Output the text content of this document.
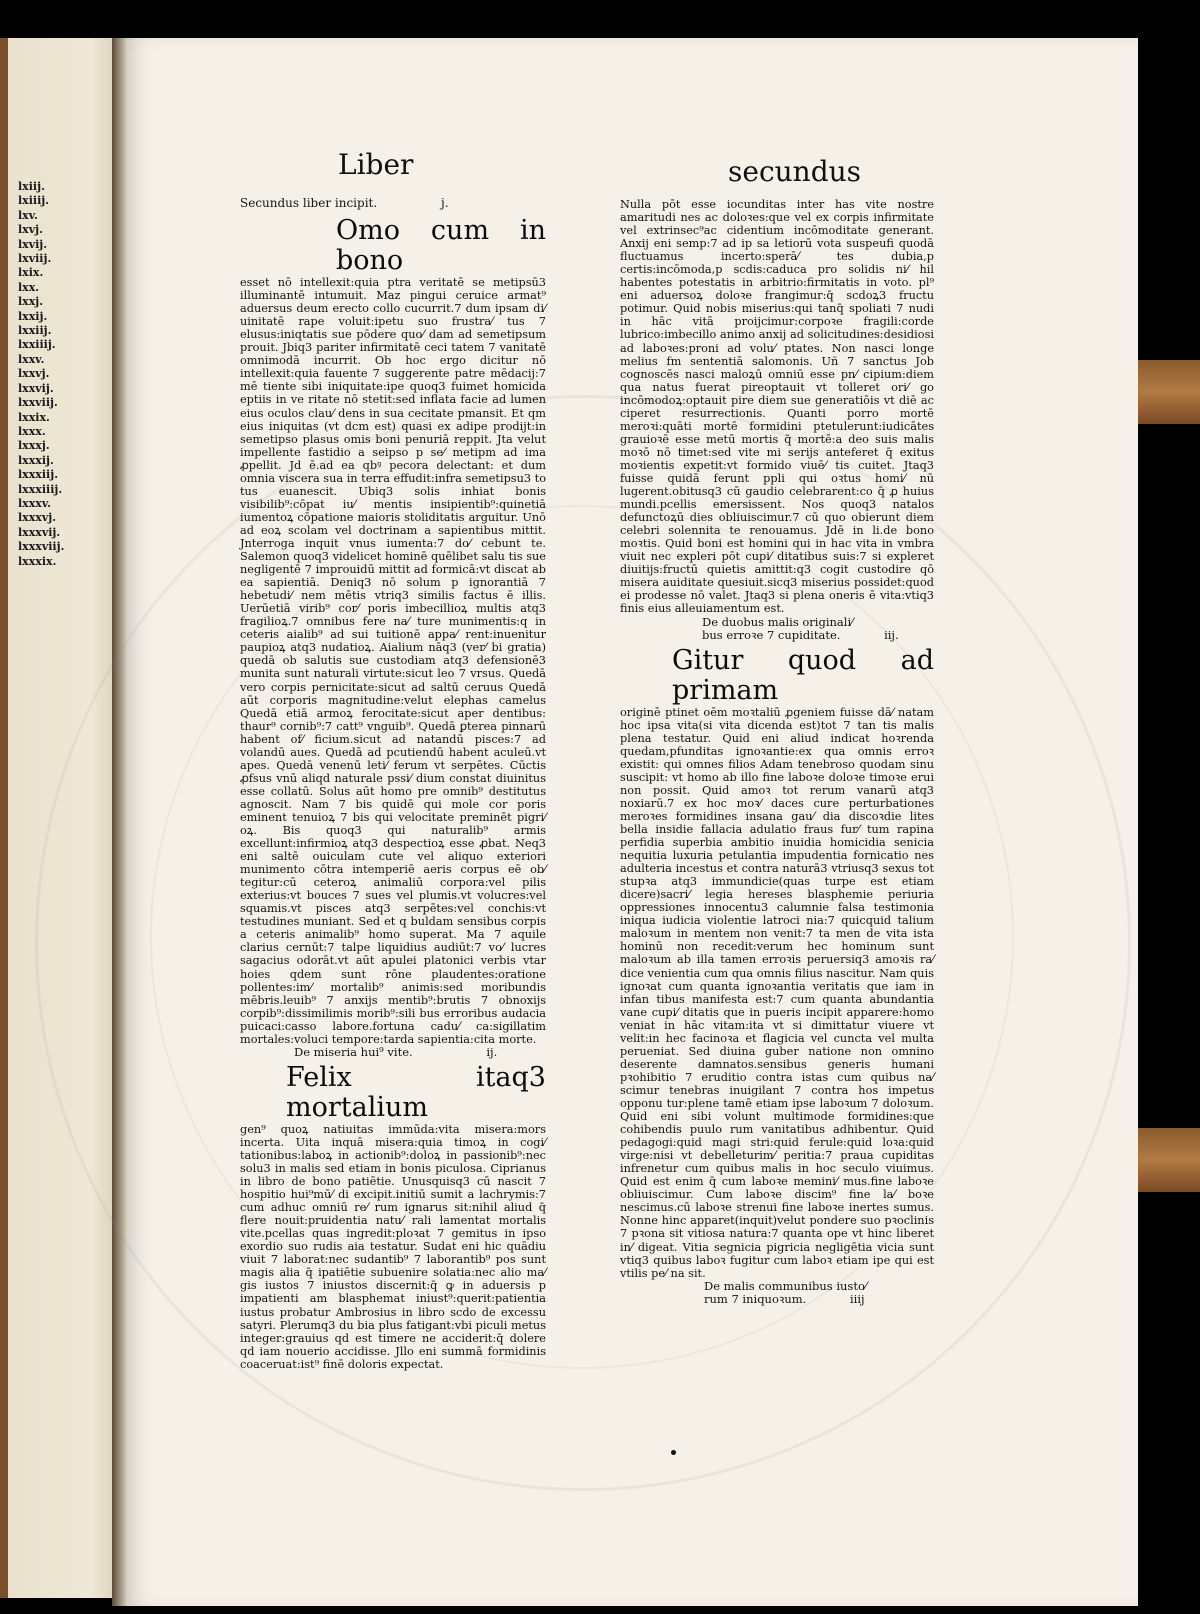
lxiij.
lxiiij.
lxv.
lxvj.
lxvij.
lxviij.
lxix.
lxx.
lxxj.
lxxij.
lxxiij.
lxxiiij.
lxxv.
lxxvj.
lxxvij.
lxxviij.
lxxix.
lxxx.
lxxxj.
lxxxij.
lxxxiij.
lxxxiiij.
lxxxv.
lxxxvj.
lxxxvij.
lxxxviij.
lxxxix.
Liber	secundus

Secundus liber incipit.	j.

Omo cum in bono

esset nō intellexit:quia ptra veritatē se metipsū3 illuminantē intumuit. Maz pingui ceruice armat⁹ aduersus deum erecto collo cucurrit.7 dum ipsam di⁄ uinitatē rape voluit:ipetu suo frustra⁄ tus 7 elusus:iniqtatis sue pōdere quo⁄ dam ad semetipsum prouit. Jbiq3 pariter infirmitatē ceci tatem 7 vanitatē omnimodā incurrit. Ob hoc ergo dicitur nō intellexit:quia fauente 7 suggerente patre mēdacij:7 mē tiente sibi iniquitate:ipe quoq3 fuimet homicida eptiis in ve ritate nō stetit:sed inflata facie ad lumen eius oculos clau⁄ dens in sua cecitate pmansit. Et qm eius iniquitas (vt dcm est) quasi ex adipe prodijt:in semetipso plasus omis boni penuriā reppit. Jta velut impellente fastidio a seipso p se⁄ metipm ad ima ꝓpellit. Jd ē.ad ea qbꝰ pecora delectant: et dum omnia viscera sua in terra effudit:infra semetipsu3 to tus euanescit. Ubiq3 solis inhiat bonis visibilib⁹:cōpat iu⁄ mentis insipientib⁹:quinetiā iumentoꝝ cōpatione maioris stoliditatis arguitur. Unō ad eoꝝ scolam vel doctrinam a sapientibus mittit. Jnterroga inquit vnus iumenta:7 do⁄ cebunt te. Salemon quoq3 videlicet hominē quēlibet salu tis sue negligentē 7 improuidū mittit ad formicā:vt discat ab ea sapientiā. Deniq3 nō solum p ignorantiā 7 hebetudi⁄ nem mētis vtriq3 similis factus ē illis. Uerūetiā virib⁹ cor⁄ poris imbecillioꝝ multis atq3 fragilioꝝ.7 omnibus fere na⁄ ture munimentis:q in ceteris aialib⁹ ad sui tuitionē appa⁄ rent:inuenitur paupioꝝ atq3 nudatioꝝ. Aialium nāq3 (ver⁄ bi gratia) quedā ob salutis sue custodiam atq3 defensionē3 munita sunt naturali virtute:sicut leo 7 vrsus. Quedā vero corpis pernicitate:sicut ad saltū ceruus Quedā aūt corporis magnitudine:velut elephas camelus Quedā etiā armoꝝ ferocitate:sicut aper dentibus: thaur⁹ cornib⁹:7 catt⁹ vnguib⁹. Quedā ꝑterea pinnarū habent of⁄ ficium.sicut ad natandū pisces:7 ad volandū aues. Quedā ad pcutiendū habent aculeū.vt apes. Quedā venenū leti⁄ ferum vt serpētes. Cūctis ꝓfsus vnū aliqd naturale pssi⁄ dium constat diuinitus esse collatū. Solus aūt homo pre omnib⁹ destitutus agnoscit. Nam 7 bis quidē qui mole cor poris eminent tenuioꝝ 7 bis qui velocitate preminēt pigri⁄ oꝝ. Bis quoq3 qui naturalib⁹ armis excellunt:infirmioꝝ atq3 despectioꝝ esse ꝓbat. Neq3 eni saltē ouiculam cute vel aliquo exteriori munimento cōtra intemperiē aeris corpus eē ob⁄ tegitur:cū ceteroꝝ animaliū corpora:vel pilis exterius:vt bouces 7 sues vel plumis.vt volucres:vel squamis.vt pisces atq3 serpētes:vel conchis:vt testudines muniant. Sed et q buldam sensibus corpis a ceteris animalib⁹ homo superat. Ma 7 aquile clarius cernūt:7 talpe liquidius audiūt:7 vo⁄ lucres sagacius odorāt.vt aūt apulei platonici verbis vtar hoies qdem sunt rōne plaudentes:oratione pollentes:im⁄ mortalib⁹ animis:sed moribundis mēbris.leuib⁹ 7 anxijs mentib⁹:brutis 7 obnoxijs corpib⁹:dissimilimis morib⁹:sili bus erroribus audacia puicaci:casso labore.fortuna cadu⁄ ca:sigillatim mortales:voluci tempore:tarda sapientia:cita morte.

De miseria hui⁹ vite.	ij.

Felix itaq3 mortalium

gen⁹ quoꝝ natiuitas immūda:vita misera:mors incerta. Uita inquā misera:quia timoꝝ in cogi⁄ tationibus:laboꝝ in actionib⁹:doloꝝ in passionib⁹:nec solu3 in malis sed etiam in bonis piculosa. Ciprianus in libro de bono patiētie. Unusquisq3 cū nascit 7 hospitio hui⁹mū⁄ di excipit.initiū sumit a lachrymis:7 cum adhuc omniū re⁄ rum ignarus sit:nihil aliud q̄ flere nouit:pruidentia natu⁄ rali lamentat mortalis vite.pcellas quas ingredit:ploꝛat 7 gemitus in ipso exordio suo rudis aia testatur. Sudat eni hic quādiu viuit 7 laborat:nec sudantib⁹ 7 laborantib⁹ pos sunt magis alia q̄ ipatiētie subuenire solatia:nec alio ma⁄ gis iustos 7 iniustos discernit:q̄ ꝙ in aduersis p impatienti am blasphemat iniust⁹:querit:patientia iustus probatur Ambrosius in libro scdo de excessu satyri. Plerumq3 du bia plus fatigant:vbi piculi metus integer:grauius qd est timere ne acciderit:q̄ dolere qd iam nouerio accidisse. Jllo eni summā formidinis coaceruat:ist⁹ finē doloris expectat.

Nulla pōt esse iocunditas inter has vite nostre amaritudi nes ac doloꝛes:que vel ex corpis infirmitate vel extrinsec⁹ac cidentium incōmoditate generant. Anxij eni semp:7 ad ip sa letiorū vota suspeufi quodā fluctuamus incerto:sperā⁄ tes dubia,p certis:incōmoda,p scdis:caduca pro solidis ni⁄ hil habentes potestatis in arbitrio:firmitatis in voto. pl⁹ eni aduersoꝝ doloꝛe frangimur:q̄ scdoꝝ3 fructu potimur. Quid nobis miserius:qui tanq̄ spoliati 7 nudi in hāc vitā proijcimur:corpoꝛe fragili:corde lubrico:imbecillo animo anxij ad solicitudines:desidiosi ad laboꝛes:proni ad volu⁄ ptates. Non nasci longe melius fm sententiā salomonis. Uñ 7 sanctus Job cognoscēs nasci maloꝝū omniū esse pn⁄ cipium:diem qua natus fuerat pireoptauit vt tolleret ori⁄ go incōmodoꝝ:optauit pire diem sue generatiōis vt diē ac ciperet resurrectionis. Quanti porro mortē meroꝛi:quāti mortē formidini ptetulerunt:iudicātes grauioꝛē esse metū mortis q̄ mortē:a deo suis malis moꝛō nō timet:sed vite mi serijs anteferet q̄ exitus moꝛientis expetit:vt formido viuē⁄ tis cuitet. Jtaq3 fuisse quidā ferunt ppli qui oꝛtus homi⁄ nū lugerent.obitusq3 cū gaudio celebrarent:co q̄ ꝓ huius mundi.pcellis emersissent. Nos quoq3 natalos defunctoꝝū dies obliuiscimur.7 cū quo obierunt diem celebri solennita te renouamus. Jdē in li.de bono moꝛtis. Quid boni est homini qui in hac vita in vmbra viuit nec expleri pōt cupi⁄ ditatibus suis:7 si expleret diuitijs:fructū quietis amittit:q3 cogit custodire qō misera auiditate quesiuit.sicq3 miserius possidet:quod ei prodesse nō valet. Jtaq3 si plena oneris ē vita:vtiq3 finis eius alleuiamentum est.

De duobus malis originali⁄
bus erroꝛe 7 cupiditate.	iij.

Gitur quod ad primam

originē ptinet oēm moꝛtaliū ꝓgeniem fuisse dā⁄ natam hoc ipsa vita(si vita dicenda est)tot 7 tan tis malis plena testatur. Quid eni aliud indicat hoꝛrenda quedam,pfunditas ignoꝛantie:ex qua omnis erroꝛ existit: qui omnes filios Adam tenebroso quodam sinu suscipit: vt homo ab illo fine laboꝛe doloꝛe timoꝛe erui non possit. Quid amoꝛ tot rerum vanarū atq3 noxiarū.7 ex hoc moꝛ⁄ daces cure perturbationes meroꝛes formidines insana gau⁄ dia discoꝛdie lites bella insidie fallacia adulatio fraus fur⁄ tum rapina perfidia superbia ambitio inuidia homicidia senicia nequitia luxuria petulantia impudentia fornicatio nes adulteria incestus et contra naturā3 vtriusq3 sexus tot stupꝛa atq3 immundicie(quas turpe est etiam dicere)sacri⁄ legia hereses blasphemie periuria oppressiones innocentu3 calumnie falsa testimonia iniqua iudicia violentie latroci nia:7 quicquid talium maloꝛum in mentem non venit:7 ta men de vita ista hominū non recedit:verum hec hominum sunt maloꝛum ab illa tamen erroꝛis peruersiq3 amoꝛis ra⁄ dice venientia cum qua omnis filius nascitur. Nam quis ignoꝛat cum quanta ignoꝛantia veritatis que iam in infan tibus manifesta est:7 cum quanta abundantia vane cupi⁄ ditatis que in pueris incipit apparere:homo veniat in hāc vitam:ita vt si dimittatur viuere vt velit:in hec facinoꝛa et flagicia vel cuncta vel multa perueniat. Sed diuina guber natione non omnino deserente damnatos.sensibus generis humani pꝛohibitio 7 eruditio contra istas cum quibus na⁄ scimur tenebras inuigilant 7 contra hos impetus opponu tur:plene tamē etiam ipse laboꝛum 7 doloꝛum. Quid eni sibi volunt multimode formidines:que cohibendis puulo rum vanitatibus adhibentur. Quid pedagogi:quid magi stri:quid ferule:quid loꝛa:quid virge:nisi vt debelleturim⁄ peritia:7 praua cupiditas infrenetur cum quibus malis in hoc seculo viuimus. Quid est enim q̄ cum laboꝛe memini⁄ mus.fine laboꝛe obliuiscimur. Cum laboꝛe discim⁹ fine la⁄ boꝛe nescimus.cū laboꝛe strenui fine laboꝛe inertes sumus. Nonne hinc apparet(inquit)velut pondere suo pꝛoclinis 7 pꝛona sit vitiosa natura:7 quanta ope vt hinc liberet in⁄ digeat. Vitia segnicia pigricia negligētia vicia sunt vtiq3 quibus laboꝛ fugitur cum laboꝛ etiam ipe qui est vtilis pe⁄ na sit.

De malis communibus iusto⁄
rum 7 iniquoꝛum.	iiij
